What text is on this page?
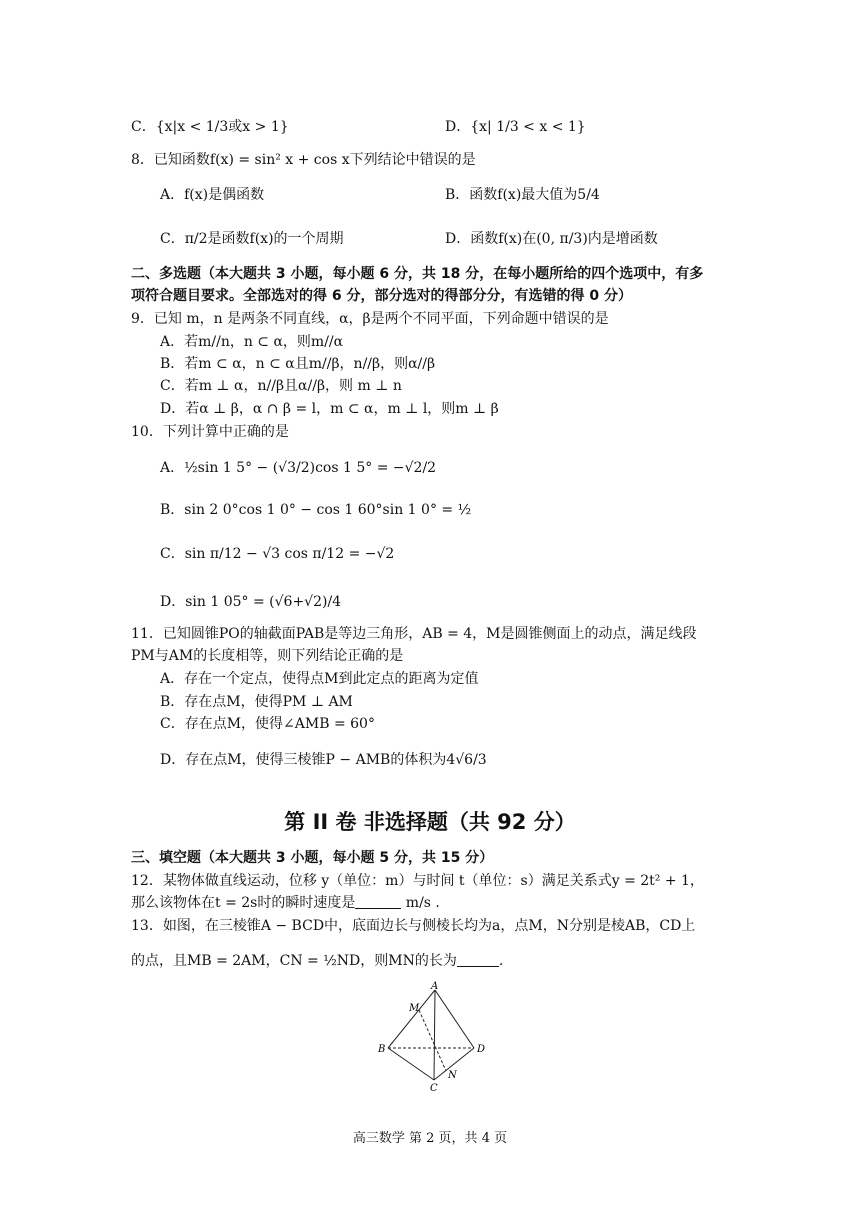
C．{x|x < 1/3或x > 1}	D．{x| 1/3 < x < 1}
8．已知函数f(x) = sin² x + cos x下列结论中错误的是
A．f(x)是偶函数	B．函数f(x)最大值为5/4
C．π/2是函数f(x)的一个周期	D．函数f(x)在(0, π/3)内是增函数
二、多选题（本大题共 3 小题，每小题 6 分，共 18 分，在每小题所给的四个选项中，有多
项符合题目要求。全部选对的得 6 分，部分选对的得部分分，有选错的得 0 分）
9．已知 m，n 是两条不同直线，α，β是两个不同平面，下列命题中错误的是
A．若m//n，n ⊂ α，则m//α
B．若m ⊂ α，n ⊂ α且m//β，n//β，则α//β
C．若m ⊥ α，n//β且α//β，则 m ⊥ n
D．若α ⊥ β，α ∩ β = l，m ⊂ α，m ⊥ l，则m ⊥ β
10．下列计算中正确的是
A．½sin 1 5° − (√3/2)cos 1 5° = −√2/2
B．sin 2 0°cos 1 0° − cos 1 60°sin 1 0° = ½
C．sin π/12 − √3 cos π/12 = −√2
D．sin 1 05° = (√6+√2)/4
11．已知圆锥PO的轴截面PAB是等边三角形，AB = 4，M是圆锥侧面上的动点，满足线段
PM与AM的长度相等，则下列结论正确的是
A．存在一个定点，使得点M到此定点的距离为定值
B．存在点M，使得PM ⊥ AM
C．存在点M，使得∠AMB = 60°
D．存在点M，使得三棱锥P − AMB的体积为4√6/3
第 II 卷 非选择题（共 92 分）
三、填空题（本大题共 3 小题，每小题 5 分，共 15 分）
12．某物体做直线运动，位移 y（单位：m）与时间 t（单位：s）满足关系式y = 2t² + 1，
那么该物体在t = 2s时的瞬时速度是	m/s .
13．如图，在三棱锥A − BCD中，底面边长与侧棱长均为a，点M，N分别是棱AB，CD上
的点，且MB = 2AM，CN = ½ND，则MN的长为	.
A
M
B	D
N
C
高三数学 第 2 页，共 4 页
